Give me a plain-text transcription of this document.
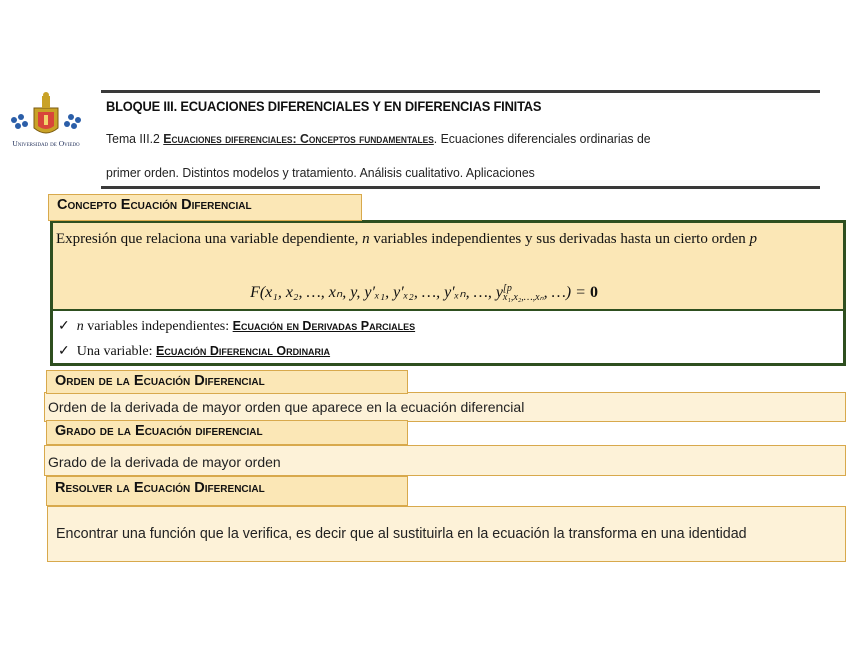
Universidad de Oviedo
BLOQUE III. ECUACIONES DIFERENCIALES Y EN DIFERENCIAS FINITAS
Tema III.2 Ecuaciones diferenciales: Conceptos fundamentales. Ecuaciones diferenciales ordinarias de
primer orden. Distintos modelos y tratamiento. Análisis cualitativo. Aplicaciones
Concepto Ecuación Diferencial
Expresión que relaciona una variable dependiente, n variables independientes y sus derivadas hasta un cierto orden p
F(x₁, x₂, …, xₙ, y, y′ₓ₁, y′ₓ₂, …, y′ₓₙ, …, y [p
x₁,x₂,…,xₙ , …) = 0
✓ n variables independientes: Ecuación en Derivadas Parciales
✓ Una variable: Ecuación Diferencial Ordinaria
Orden de la derivada de mayor orden que aparece en la ecuación diferencial
Orden de la Ecuación Diferencial
Grado de la derivada de mayor orden
Grado de la Ecuación diferencial
Encontrar una función que la verifica, es decir que al sustituirla en la ecuación la transforma en una identidad
Resolver la Ecuación Diferencial
